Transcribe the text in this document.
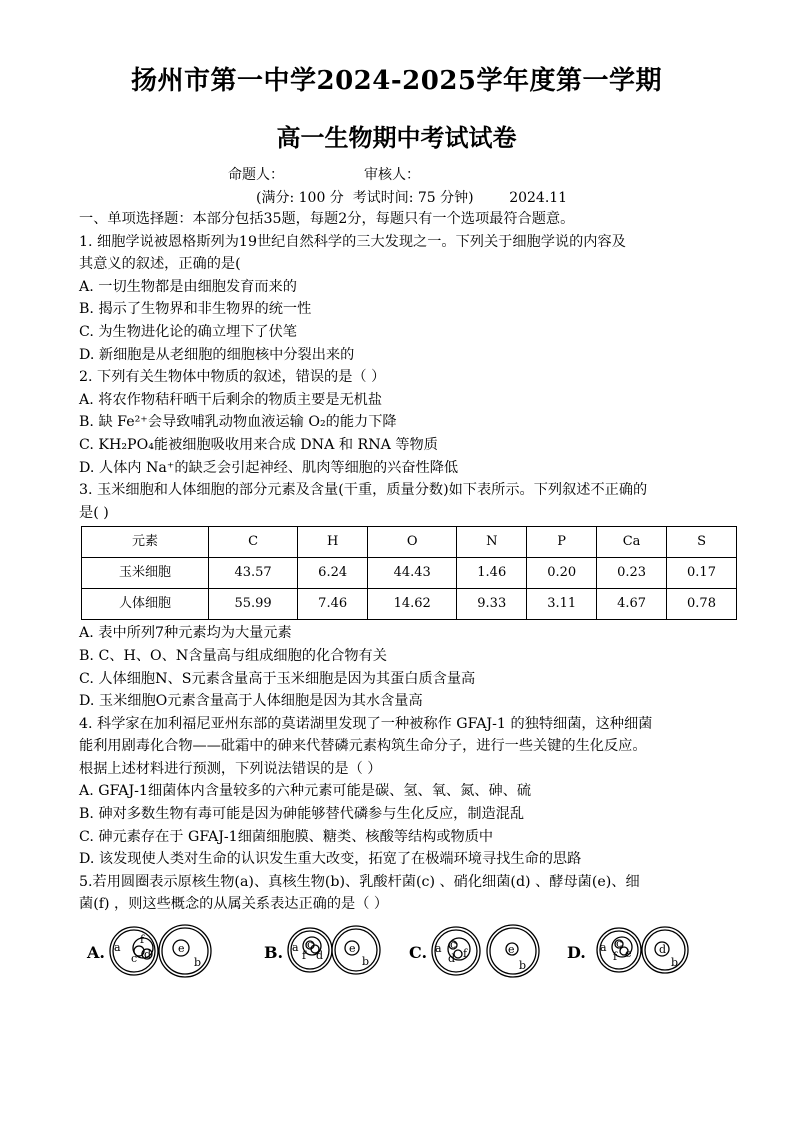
扬州市第一中学2024-2025学年度第一学期
高一生物期中考试试卷
命题人：	审核人：
(满分: 100 分  考试时间: 75 分钟)        2024.11
一、单项选择题：本部分包括35题，每题2分，每题只有一个选项最符合题意。
1. 细胞学说被恩格斯列为19世纪自然科学的三大发现之一。下列关于细胞学说的内容及
其意义的叙述，正确的是(
A. 一切生物都是由细胞发育而来的
B. 揭示了生物界和非生物界的统一性
C. 为生物进化论的确立埋下了伏笔
D. 新细胞是从老细胞的细胞核中分裂出来的
2. 下列有关生物体中物质的叙述，错误的是（ ）
A. 将农作物秸秆晒干后剩余的物质主要是无机盐
B. 缺 Fe²⁺会导致哺乳动物血液运输 O₂的能力下降
C. KH₂PO₄能被细胞吸收用来合成 DNA 和 RNA 等物质
D. 人体内 Na⁺的缺乏会引起神经、肌肉等细胞的兴奋性降低
3. 玉米细胞和人体细胞的部分元素及含量(干重，质量分数)如下表所示。下列叙述不正确的
是( )
元素	C	H	O	N	P	Ca	S
玉米细胞	43.57	6.24	44.43	1.46	0.20	0.23	0.17
人体细胞	55.99	7.46	14.62	9.33	3.11	4.67	0.78
A. 表中所列7种元素均为大量元素
B. C、H、O、N含量高与组成细胞的化合物有关
C. 人体细胞N、S元素含量高于玉米细胞是因为其蛋白质含量高
D. 玉米细胞O元素含量高于人体细胞是因为其水含量高
4. 科学家在加利福尼亚州东部的莫诺湖里发现了一种被称作 GFAJ-1 的独特细菌，这种细菌
能利用剧毒化合物——砒霜中的砷来代替磷元素构筑生命分子，进行一些关键的生化反应。
根据上述材料进行预测，下列说法错误的是（ ）
A. GFAJ-1细菌体内含量较多的六种元素可能是碳、氢、氧、氮、砷、硫
B. 砷对多数生物有毒可能是因为砷能够替代磷参与生化反应，制造混乱
C. 砷元素存在于 GFAJ-1细菌细胞膜、糖类、核酸等结构或物质中
D. 该发现使人类对生命的认识发生重大改变，拓宽了在极端环境寻找生命的思路
5.若用圆圈表示原核生物(a)、真核生物(b)、乳酸杆菌(c) 、硝化细菌(d) 、酵母菌(e)、细
菌(f) ，则这些概念的从属关系表达正确的是（ ）
A. a
f
c d e
b
B. a c
f d
e
b C. a c
d f	e
b
D. a c
f e d
b
